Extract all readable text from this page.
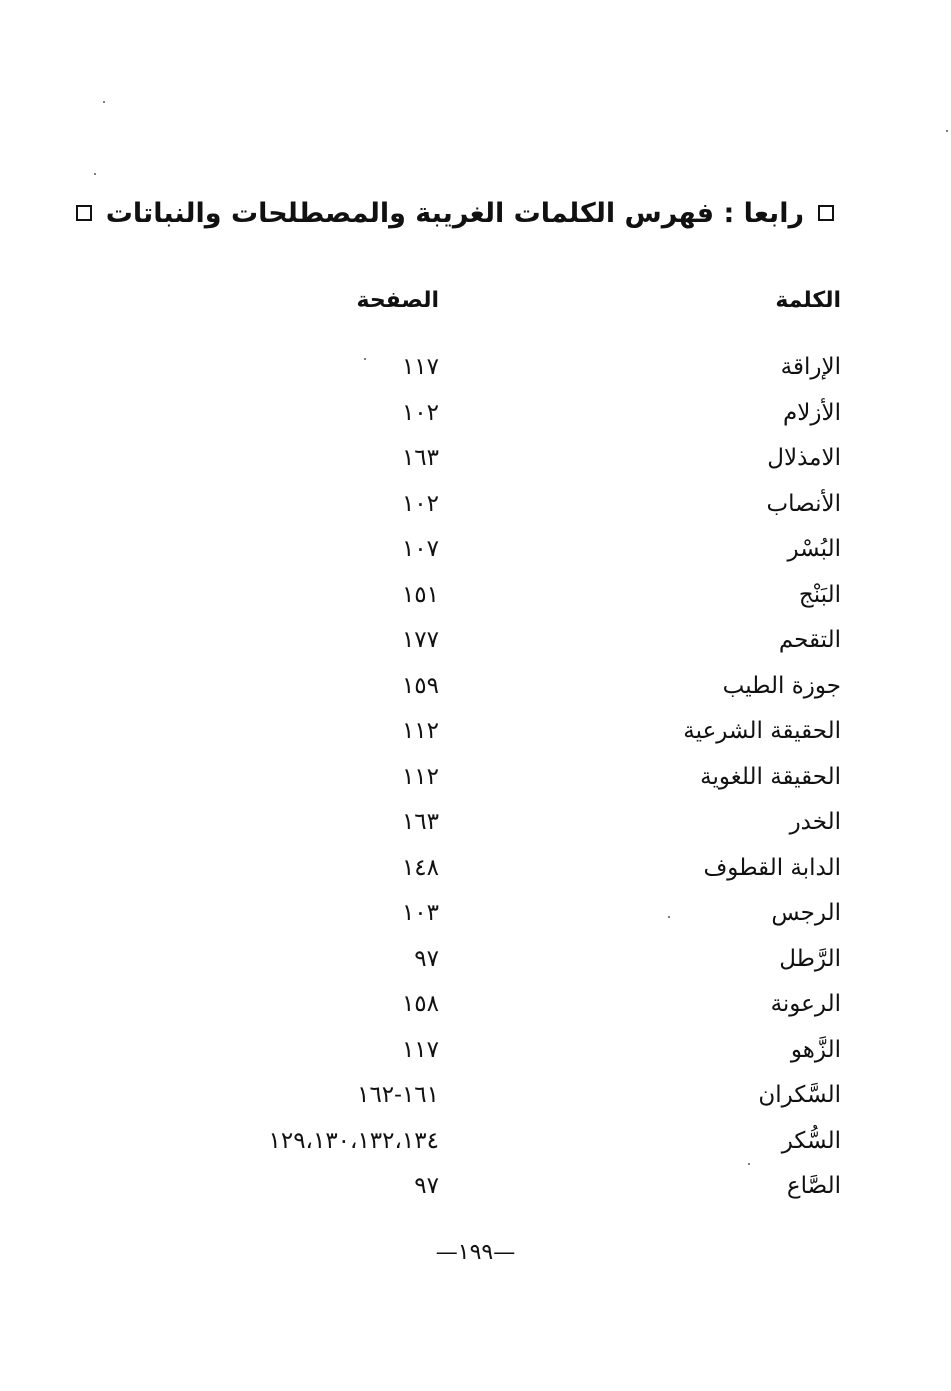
رابعا : فهرس الكلمات الغريبة والمصطلحات والنباتات
الكلمة
الصفحة
الإراقة
١١٧
الأزلام
١٠٢
الامذلال
١٦٣
الأنصاب
١٠٢
البُسْر
١٠٧
البَنْج
١٥١
التقحم
١٧٧
جوزة الطيب
١٥٩
الحقيقة الشرعية
١١٢
الحقيقة اللغوية
١١٢
الخدر
١٦٣
الدابة القطوف
١٤٨
الرجس
١٠٣
الرَّطل
٩٧
الرعونة
١٥٨
الزَّهو
١١٧
السَّكران
١٦١-١٦٢
السُّكر
١٢٩،١٣٠،١٣٢،١٣٤
الصَّاع
٩٧
—١٩٩—
